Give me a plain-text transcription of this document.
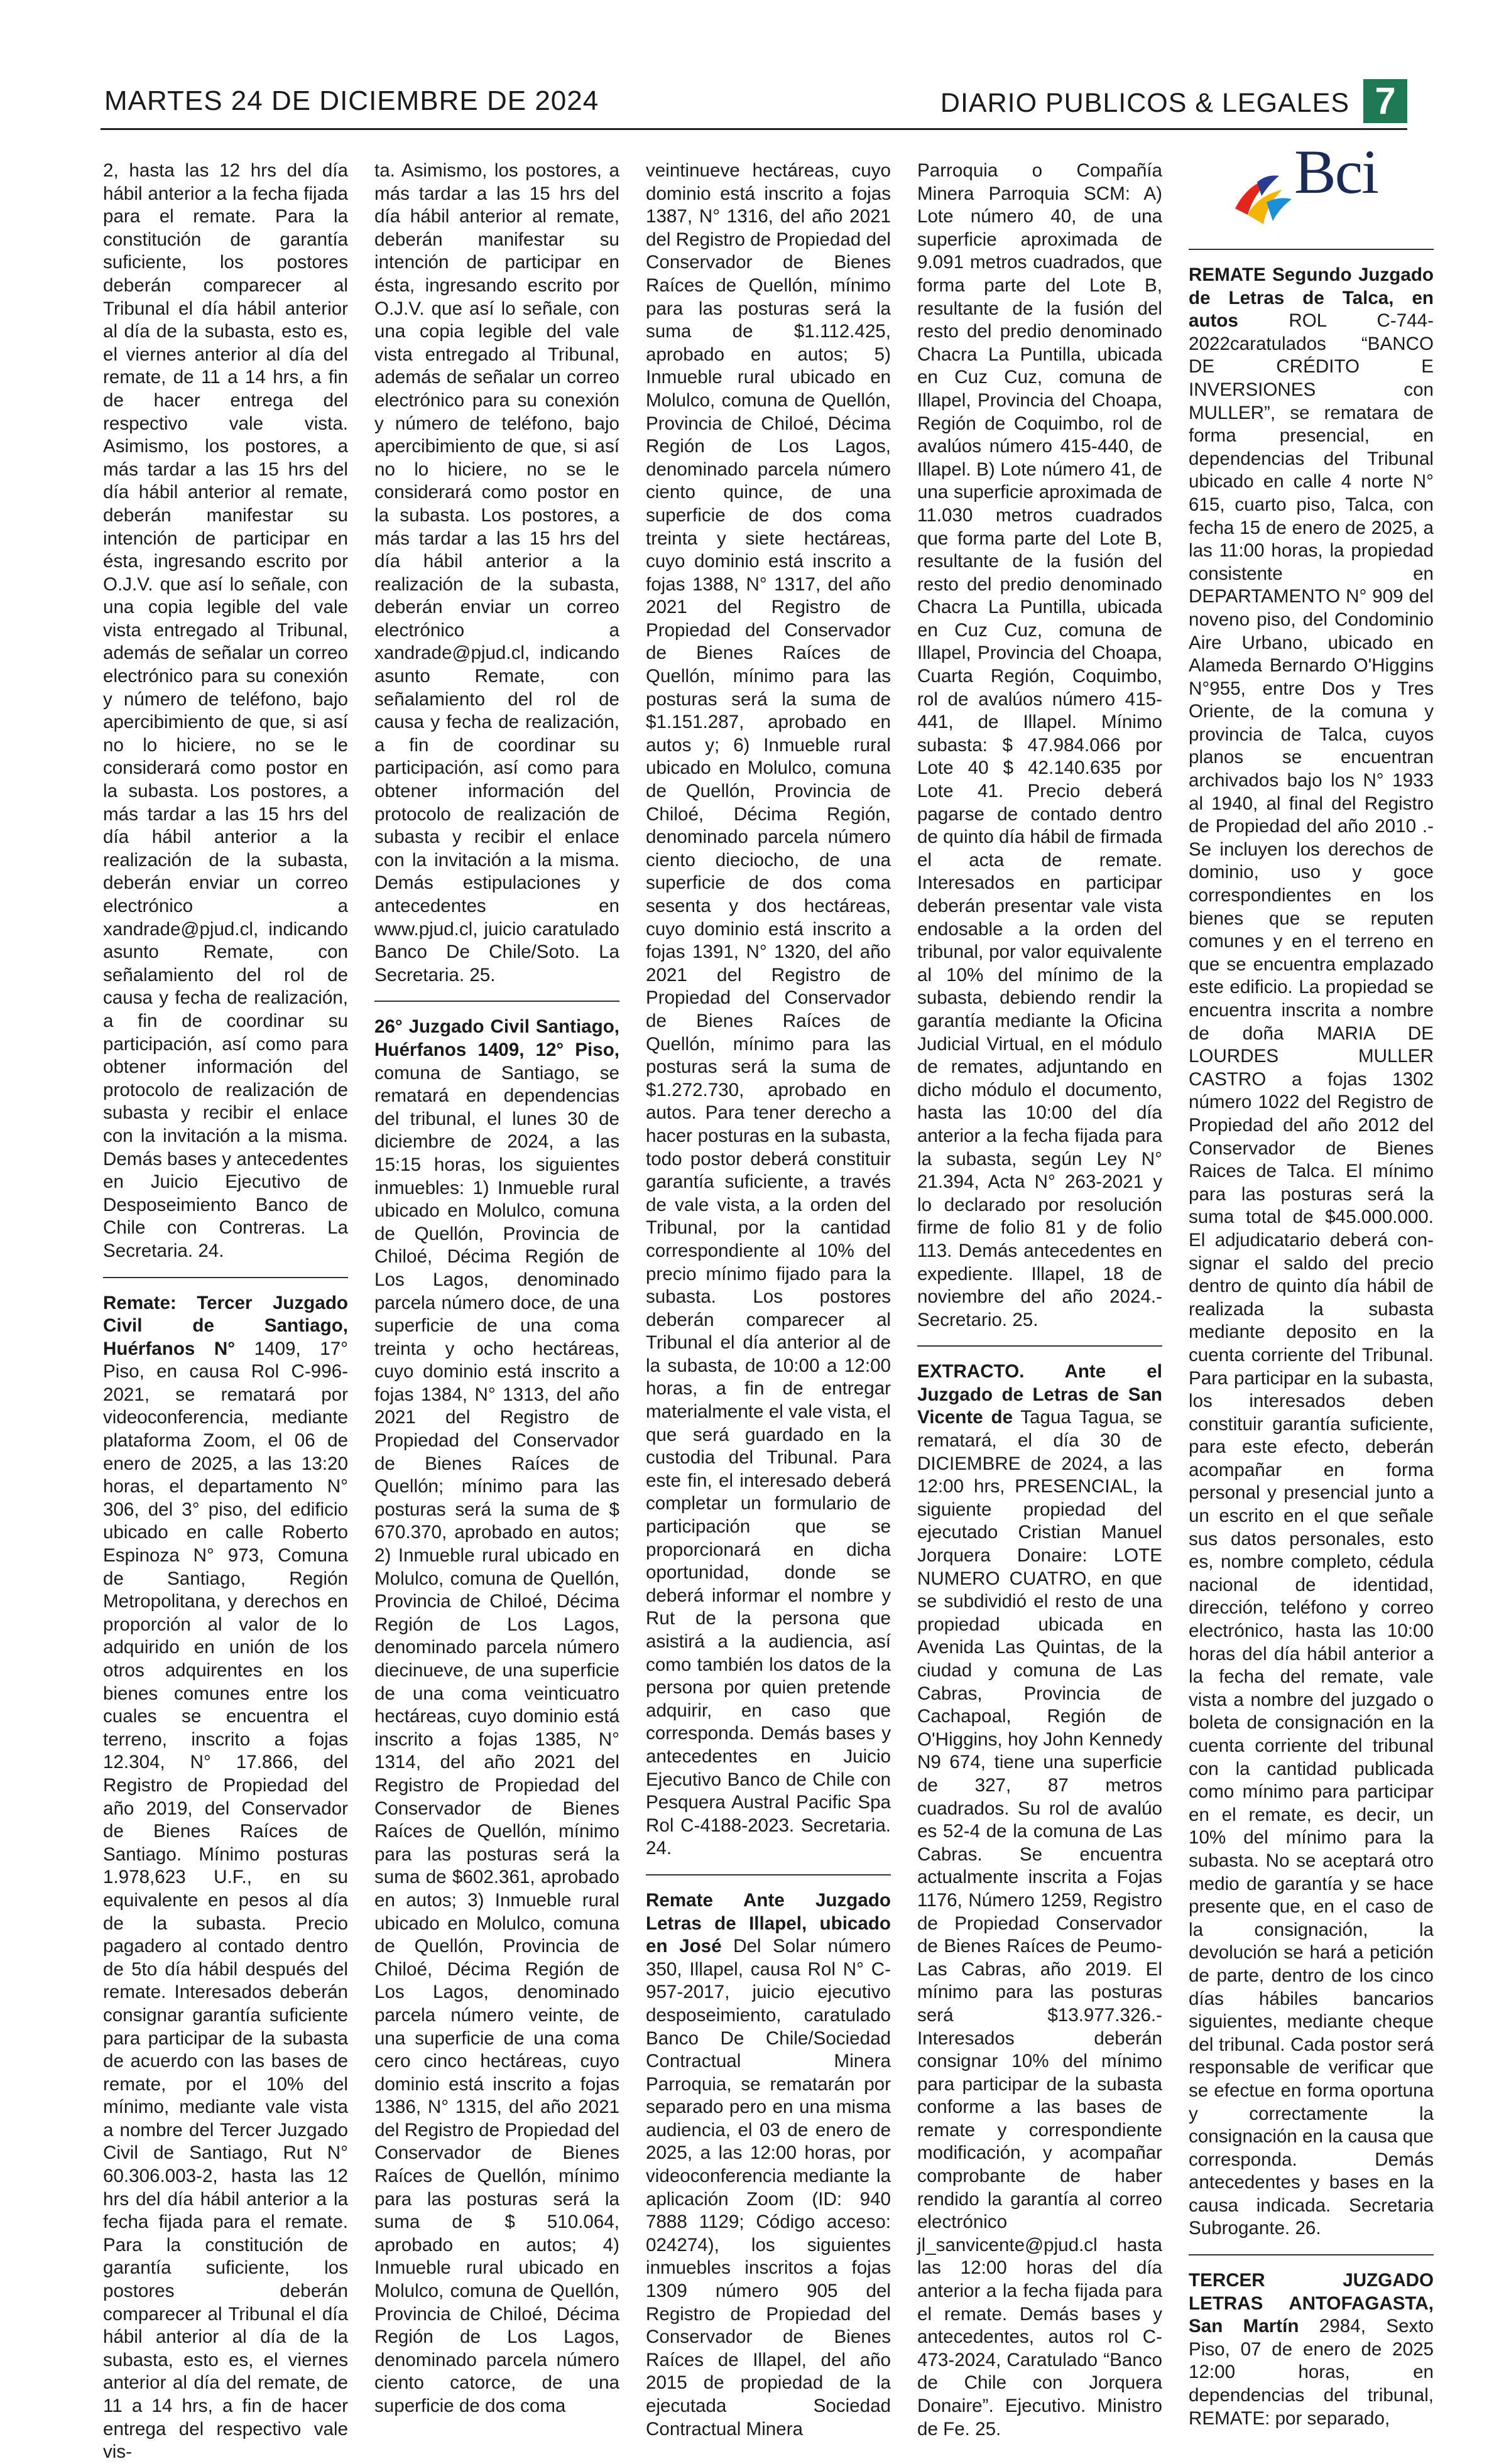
MARTES 24 DE DICIEMBRE DE 2024	DIARIO PUBLICOS & LEGALES 7

2, hasta las 12 hrs del día hábil anterior a la fecha fijada para el remate. Para la constitución de garantía suficiente, los postores deberán comparecer al Tribunal el día hábil anterior al día de la subasta, esto es, el viernes anterior al día del remate, de 11 a 14 hrs, a fin de hacer entrega del respectivo vale vista. Asimismo, los postores, a más tardar a las 15 hrs del día hábil anterior al remate, deberán manifestar su intención de participar en ésta, ingresando escrito por O.J.V. que así lo señale, con una copia legible del vale vista entregado al Tribunal, además de señalar un correo electrónico para su conexión y número de teléfono, bajo apercibimiento de que, si así no lo hiciere, no se le considerará como postor en la subasta. Los postores, a más tardar a las 15 hrs del día hábil anterior a la realización de la subasta, deberán enviar un correo electrónico a xandrade@pjud.cl, indicando asunto Remate, con señalamiento del rol de causa y fecha de realización, a fin de coordinar su participación, así como para obtener información del protocolo de realización de subasta y recibir el enlace con la invitación a la misma. Demás bases y antecedentes en Juicio Ejecutivo de Desposeimiento Banco de Chile con Contreras. La Secretaria. 24.

Remate: Tercer Juzgado Civil de Santiago, Huérfanos N° 1409, 17° Piso, en causa Rol C-996-2021, se rematará por videoconferencia, mediante plataforma Zoom, el 06 de enero de 2025, a las 13:20 horas, el departamento N° 306, del 3° piso, del edificio ubicado en calle Roberto Espinoza N° 973, Comuna de Santiago, Región Metropolitana, y derechos en proporción al valor de lo adquirido en unión de los otros adquirentes en los bienes comunes entre los cuales se encuentra el terreno, inscrito a fojas 12.304, N° 17.866, del Registro de Propiedad del año 2019, del Conservador de Bienes Raíces de Santiago. Mínimo posturas 1.978,623 U.F., en su equivalente en pesos al día de la subasta. Precio pagadero al contado dentro de 5to día hábil después del remate. Interesados deberán consignar garantía suficiente para participar de la subasta de acuerdo con las bases de remate, por el 10% del mínimo, mediante vale vista a nombre del Tercer Juzgado Civil de Santiago, Rut N° 60.306.003-2, hasta las 12 hrs del día hábil anterior a la fecha fijada para el remate. Para la constitución de garantía suficiente, los postores deberán comparecer al Tribunal el día hábil anterior al día de la subasta, esto es, el viernes anterior al día del remate, de 11 a 14 hrs, a fin de hacer entrega del respectivo vale vis-

ta. Asimismo, los postores, a más tardar a las 15 hrs del día hábil anterior al remate, deberán manifestar su intención de participar en ésta, ingresando escrito por O.J.V. que así lo señale, con una copia legible del vale vista entregado al Tribunal, además de señalar un correo electrónico para su conexión y número de teléfono, bajo apercibimiento de que, si así no lo hiciere, no se le considerará como postor en la subasta. Los postores, a más tardar a las 15 hrs del día hábil anterior a la realización de la subasta, deberán enviar un correo electrónico a xandrade@pjud.cl, indicando asunto Remate, con señalamiento del rol de causa y fecha de realización, a fin de coordinar su participación, así como para obtener información del protocolo de realización de subasta y recibir el enlace con la invitación a la misma. Demás estipulaciones y antecedentes en www.pjud.cl, juicio caratulado Banco De Chile/Soto. La Secretaria. 25.

26° Juzgado Civil Santiago, Huérfanos 1409, 12° Piso, comuna de Santiago, se rematará en dependencias del tribunal, el lunes 30 de diciembre de 2024, a las 15:15 horas, los siguientes inmuebles: 1) Inmueble rural ubicado en Molulco, comuna de Quellón, Provincia de Chiloé, Décima Región de Los Lagos, denominado parcela número doce, de una superficie de una coma treinta y ocho hectáreas, cuyo dominio está inscrito a fojas 1384, N° 1313, del año 2021 del Registro de Propiedad del Conservador de Bienes Raíces de Quellón; mínimo para las posturas será la suma de $ 670.370, aprobado en autos; 2) Inmueble rural ubicado en Molulco, comuna de Quellón, Provincia de Chiloé, Décima Región de Los Lagos, denominado parcela número diecinueve, de una superficie de una coma veinticuatro hectáreas, cuyo dominio está inscrito a fojas 1385, N° 1314, del año 2021 del Registro de Propiedad del Conservador de Bienes Raíces de Quellón, mínimo para las posturas será la suma de $602.361, aprobado en autos; 3) Inmueble rural ubicado en Molulco, comuna de Quellón, Provincia de Chiloé, Décima Región de Los Lagos, denominado parcela número veinte, de una superficie de una coma cero cinco hectáreas, cuyo dominio está inscrito a fojas 1386, N° 1315, del año 2021 del Registro de Propiedad del Conservador de Bienes Raíces de Quellón, mínimo para las posturas será la suma de $ 510.064, aprobado en autos; 4) Inmueble rural ubicado en Molulco, comuna de Quellón, Provincia de Chiloé, Décima Región de Los Lagos, denominado parcela número ciento catorce, de una superficie de dos coma

veintinueve hectáreas, cuyo dominio está inscrito a fojas 1387, N° 1316, del año 2021 del Registro de Propiedad del Conservador de Bienes Raíces de Quellón, mínimo para las posturas será la suma de $1.112.425, aprobado en autos; 5) Inmueble rural ubicado en Molulco, comuna de Quellón, Provincia de Chiloé, Décima Región de Los Lagos, denominado parcela número ciento quince, de una superficie de dos coma treinta y siete hectáreas, cuyo dominio está inscrito a fojas 1388, N° 1317, del año 2021 del Registro de Propiedad del Conservador de Bienes Raíces de Quellón, mínimo para las posturas será la suma de $1.151.287, aprobado en autos y; 6) Inmueble rural ubicado en Molulco, comuna de Quellón, Provincia de Chiloé, Décima Región, denominado parcela número ciento dieciocho, de una superficie de dos coma sesenta y dos hectáreas, cuyo dominio está inscrito a fojas 1391, N° 1320, del año 2021 del Registro de Propiedad del Conservador de Bienes Raíces de Quellón, mínimo para las posturas será la suma de $1.272.730, aprobado en autos. Para tener derecho a hacer posturas en la subasta, todo postor deberá constituir garantía suficiente, a través de vale vista, a la orden del Tribunal, por la cantidad correspondiente al 10% del precio mínimo fijado para la subasta. Los postores deberán comparecer al Tribunal el día anterior al de la subasta, de 10:00 a 12:00 horas, a fin de entregar materialmente el vale vista, el que será guardado en la custodia del Tribunal. Para este fin, el interesado deberá completar un formulario de participación que se proporcionará en dicha oportunidad, donde se deberá informar el nombre y Rut de la persona que asistirá a la audiencia, así como también los datos de la persona por quien pretende adquirir, en caso que corresponda. Demás bases y antecedentes en Juicio Ejecutivo Banco de Chile con Pesquera Austral Pacific Spa Rol C-4188-2023. Secretaria. 24.

Remate Ante Juzgado Letras de Illapel, ubicado en José Del Solar número 350, Illapel, causa Rol N° C-957-2017, juicio ejecutivo desposeimiento, caratulado Banco De Chile/Sociedad Contractual Minera Parroquia, se rematarán por separado pero en una misma audiencia, el 03 de enero de 2025, a las 12:00 horas, por videoconferencia mediante la aplicación Zoom (ID: 940 7888 1129; Código acceso: 024274), los siguientes inmuebles inscritos a fojas 1309 número 905 del Registro de Propiedad del Conservador de Bienes Raíces de Illapel, del año 2015 de propiedad de la ejecutada Sociedad Contractual Minera

Parroquia o Compañía Minera Parroquia SCM: A) Lote número 40, de una superficie aproximada de 9.091 metros cuadrados, que forma parte del Lote B, resultante de la fusión del resto del predio denominado Chacra La Puntilla, ubicada en Cuz Cuz, comuna de Illapel, Provincia del Choapa, Región de Coquimbo, rol de avalúos número 415-440, de Illapel. B) Lote número 41, de una superficie aproximada de 11.030 metros cuadrados que forma parte del Lote B, resultante de la fusión del resto del predio denominado Chacra La Puntilla, ubicada en Cuz Cuz, comuna de Illapel, Provincia del Choapa, Cuarta Región, Coquimbo, rol de avalúos número 415-441, de Illapel. Mínimo subasta: $ 47.984.066 por Lote 40 $ 42.140.635 por Lote 41. Precio deberá pagarse de contado dentro de quinto día hábil de firmada el acta de remate. Interesados en participar deberán presentar vale vista endosable a la orden del tribunal, por valor equivalente al 10% del mínimo de la subasta, debiendo rendir la garantía mediante la Oficina Judicial Virtual, en el módulo de remates, adjuntando en dicho módulo el documento, hasta las 10:00 del día anterior a la fecha fijada para la subasta, según Ley N° 21.394, Acta N° 263-2021 y lo declarado por resolución firme de folio 81 y de folio 113. Demás antecedentes en expediente. Illapel, 18 de noviembre del año 2024.- Secretario. 25.

EXTRACTO. Ante el Juzgado de Letras de San Vicente de Tagua Tagua, se rematará, el día 30 de DICIEMBRE de 2024, a las 12:00 hrs, PRESENCIAL, la siguiente propiedad del ejecutado Cristian Manuel Jorquera Donaire: LOTE NUMERO CUATRO, en que se subdividió el resto de una propiedad ubicada en Avenida Las Quintas, de la ciudad y comuna de Las Cabras, Provincia de Cachapoal, Región de O'Higgins, hoy John Kennedy N9 674, tiene una superficie de 327, 87 metros cuadrados. Su rol de avalúo es 52-4 de la comuna de Las Cabras. Se encuentra actualmente inscrita a Fojas 1176, Número 1259, Registro de Propiedad Conservador de Bienes Raíces de Peumo-Las Cabras, año 2019. El mínimo para las posturas será $13.977.326.- Interesados deberán consignar 10% del mínimo para participar de la subasta conforme a las bases de remate y correspondiente modificación, y acompañar comprobante de haber rendido la garantía al correo electrónico jl_sanvicente@pjud.cl hasta las 12:00 horas del día anterior a la fecha fijada para el remate. Demás bases y antecedentes, autos rol C-473-2024, Caratulado “Banco de Chile con Jorquera Donaire”. Ejecutivo. Ministro de Fe. 25.

Bci

REMATE Segundo Juzgado de Letras de Talca, en autos ROL C-744-2022caratulados “BANCO DE CRÉDITO E INVERSIONES con MULLER”, se rematara de forma presencial, en dependencias del Tribunal ubicado en calle 4 norte N° 615, cuarto piso, Talca, con fecha 15 de enero de 2025, a las 11:00 horas, la propiedad consistente en DEPARTAMENTO N° 909 del noveno piso, del Condominio Aire Urbano, ubicado en Alameda Bernardo O'Higgins N°955, entre Dos y Tres Oriente, de la comuna y provincia de Talca, cuyos planos se encuentran archivados bajo los N° 1933 al 1940, al final del Registro de Propiedad del año 2010 .- Se incluyen los derechos de dominio, uso y goce correspondientes en los bienes que se reputen comunes y en el terreno en que se encuentra emplazado este edificio. La propiedad se encuentra inscrita a nombre de doña MARIA DE LOURDES MULLER CASTRO a fojas 1302 número 1022 del Registro de Propiedad del año 2012 del Conservador de Bienes Raices de Talca. El mínimo para las posturas será la suma total de $45.000.000. El adjudicatario deberá con- signar el saldo del precio dentro de quinto día hábil de realizada la subasta mediante deposito en la cuenta corriente del Tribunal. Para participar en la subasta, los interesados deben constituir garantía suficiente, para este efecto, deberán acompañar en forma personal y presencial junto a un escrito en el que señale sus datos personales, esto es, nombre completo, cédula nacional de identidad, dirección, teléfono y correo electrónico, hasta las 10:00 horas del día hábil anterior a la fecha del remate, vale vista a nombre del juzgado o boleta de consignación en la cuenta corriente del tribunal con la cantidad publicada como mínimo para participar en el remate, es decir, un 10% del mínimo para la subasta. No se aceptará otro medio de garantía y se hace presente que, en el caso de la consignación, la devolución se hará a petición de parte, dentro de los cinco días hábiles bancarios siguientes, mediante cheque del tribunal. Cada postor será responsable de verificar que se efectue en forma oportuna y correctamente la consignación en la causa que corresponda. Demás antecedentes y bases en la causa indicada. Secretaria Subrogante. 26.

TERCER JUZGADO LETRAS ANTOFAGASTA, San Martín 2984, Sexto Piso, 07 de enero de 2025 12:00 horas, en dependencias del tribunal, REMATE: por separado,
